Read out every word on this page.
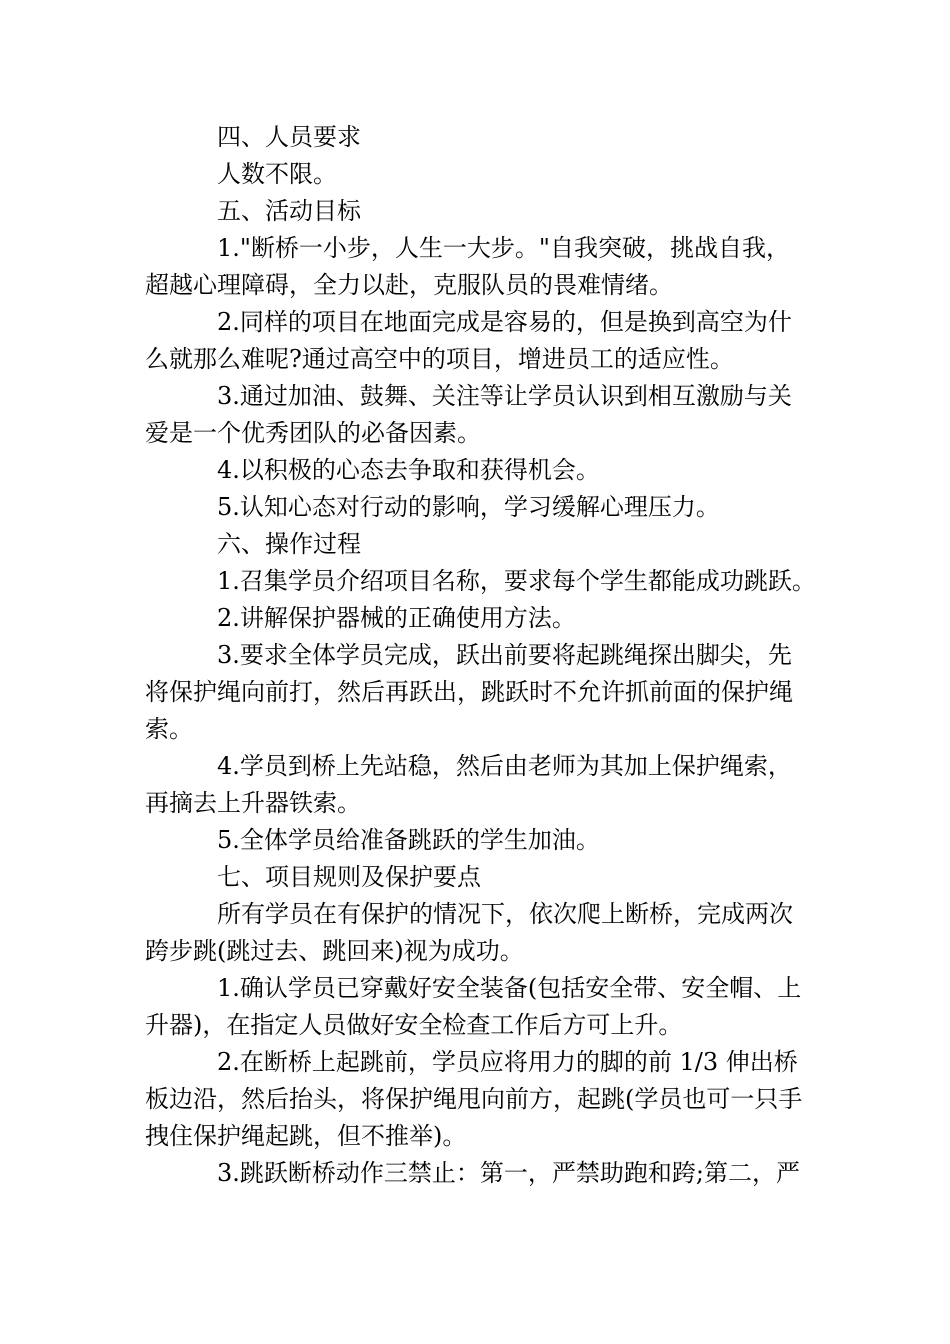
四、人员要求
人数不限。
五、活动目标
1."断桥一小步，人生一大步。"自我突破，挑战自我，
超越心理障碍，全力以赴，克服队员的畏难情绪。
2.同样的项目在地面完成是容易的，但是换到高空为什
么就那么难呢?通过高空中的项目，增进员工的适应性。
3.通过加油、鼓舞、关注等让学员认识到相互激励与关
爱是一个优秀团队的必备因素。
4.以积极的心态去争取和获得机会。
5.认知心态对行动的影响，学习缓解心理压力。
六、操作过程
1.召集学员介绍项目名称，要求每个学生都能成功跳跃。
2.讲解保护器械的正确使用方法。
3.要求全体学员完成，跃出前要将起跳绳探出脚尖，先
将保护绳向前打，然后再跃出，跳跃时不允许抓前面的保护绳
索。
4.学员到桥上先站稳，然后由老师为其加上保护绳索，
再摘去上升器铁索。
5.全体学员给准备跳跃的学生加油。
七、项目规则及保护要点
所有学员在有保护的情况下，依次爬上断桥，完成两次
跨步跳(跳过去、跳回来)视为成功。
1.确认学员已穿戴好安全装备(包括安全带、安全帽、上
升器)，在指定人员做好安全检查工作后方可上升。
2.在断桥上起跳前，学员应将用力的脚的前 1/3 伸出桥
板边沿，然后抬头，将保护绳甩向前方，起跳(学员也可一只手
拽住保护绳起跳，但不推举)。
3.跳跃断桥动作三禁止：第一，严禁助跑和跨;第二，严
